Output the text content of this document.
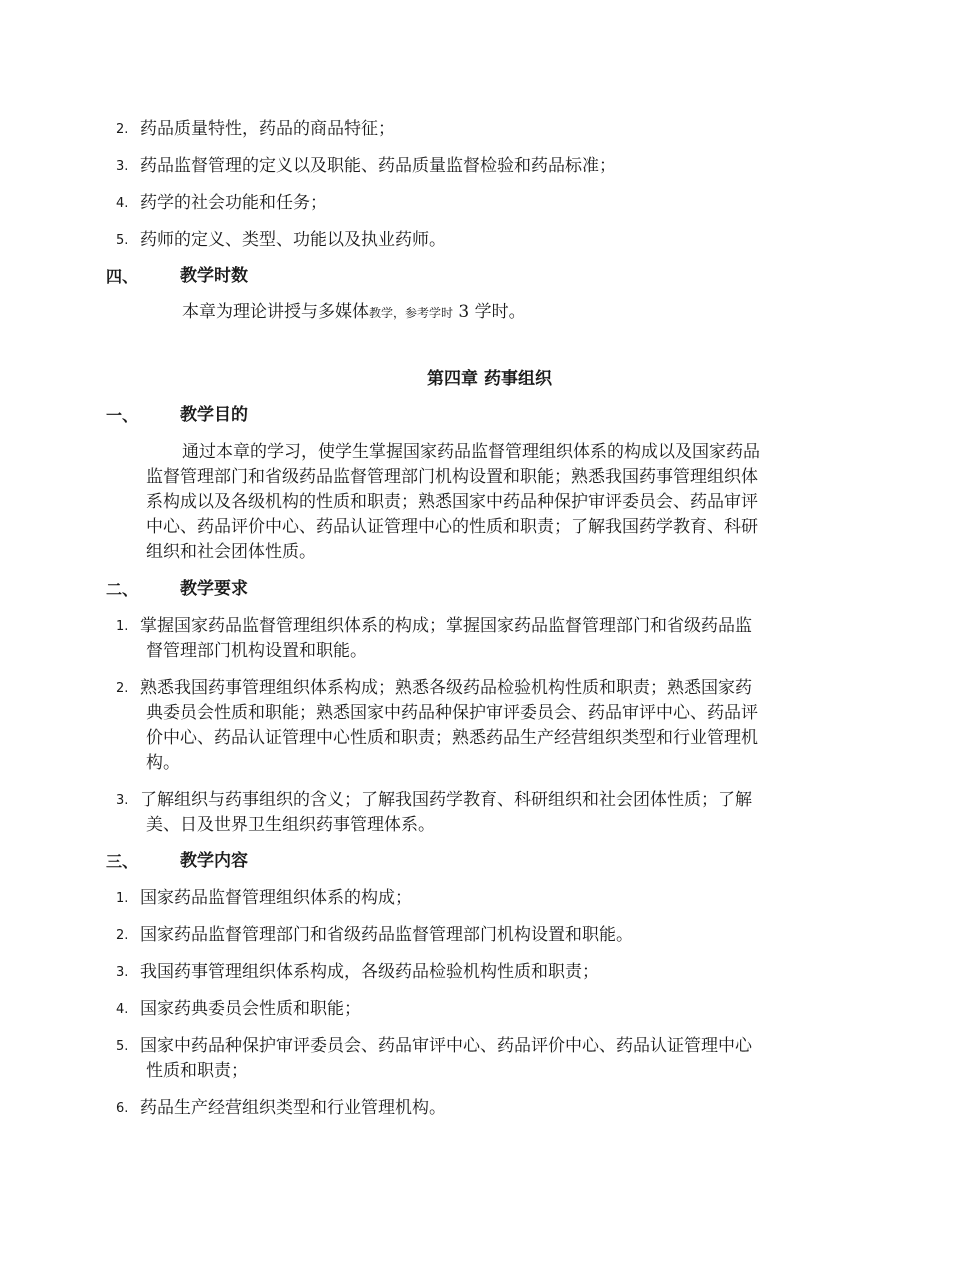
2. 药品质量特性，药品的商品特征；
3. 药品监督管理的定义以及职能、药品质量监督检验和药品标准；
4. 药学的社会功能和任务；
5. 药师的定义、类型、功能以及执业药师。
四、 教学时数
本章为理论讲授与多媒体教学，参考学时 3 学时。
第四章 药事组织
一、 教学目的
通过本章的学习，使学生掌握国家药品监督管理组织体系的构成以及国家药品
监督管理部门和省级药品监督管理部门机构设置和职能；熟悉我国药事管理组织体
系构成以及各级机构的性质和职责；熟悉国家中药品种保护审评委员会、药品审评
中心、药品评价中心、药品认证管理中心的性质和职责；了解我国药学教育、科研
组织和社会团体性质。
二、 教学要求
1. 掌握国家药品监督管理组织体系的构成；掌握国家药品监督管理部门和省级药品监
督管理部门机构设置和职能。
2. 熟悉我国药事管理组织体系构成；熟悉各级药品检验机构性质和职责；熟悉国家药
典委员会性质和职能；熟悉国家中药品种保护审评委员会、药品审评中心、药品评
价中心、药品认证管理中心性质和职责；熟悉药品生产经营组织类型和行业管理机
构。
3. 了解组织与药事组织的含义；了解我国药学教育、科研组织和社会团体性质；了解
美、日及世界卫生组织药事管理体系。
三、 教学内容
1. 国家药品监督管理组织体系的构成；
2. 国家药品监督管理部门和省级药品监督管理部门机构设置和职能。
3. 我国药事管理组织体系构成，各级药品检验机构性质和职责；
4. 国家药典委员会性质和职能；
5. 国家中药品种保护审评委员会、药品审评中心、药品评价中心、药品认证管理中心
性质和职责；
6. 药品生产经营组织类型和行业管理机构。
